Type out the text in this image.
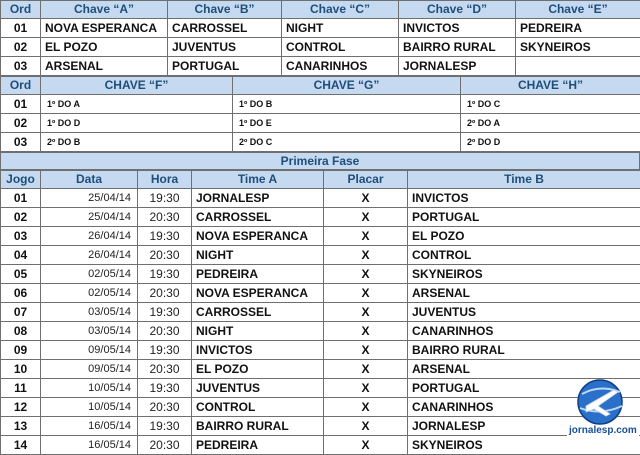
Ord	Chave “A”	Chave “B”	Chave “C”	Chave “D”	Chave “E”
01	NOVA ESPERANCA	CARROSSEL	NIGHT	INVICTOS	PEDREIRA
02	EL POZO	JUVENTUS	CONTROL	BAIRRO RURAL	SKYNEIROS
03	ARSENAL	PORTUGAL	CANARINHOS	JORNALESP	
Ord	CHAVE “F”	CHAVE “G”	CHAVE “H”
01	1º DO A	1º DO B	1º DO C
02	1º DO D	1º DO E	2º DO A
03	2º DO B	2º DO C	2º DO D
Primeira Fase
Jogo	Data	Hora	Time A	Placar	Time B
01	25/04/14	19:30	JORNALESP	X	INVICTOS
02	25/04/14	20:30	CARROSSEL	X	PORTUGAL
03	26/04/14	19:30	NOVA ESPERANCA	X	EL POZO
04	26/04/14	20:30	NIGHT	X	CONTROL
05	02/05/14	19:30	PEDREIRA	X	SKYNEIROS
06	02/05/14	20:30	NOVA ESPERANCA	X	ARSENAL
07	03/05/14	19:30	CARROSSEL	X	JUVENTUS
08	03/05/14	20:30	NIGHT	X	CANARINHOS
09	09/05/14	19:30	INVICTOS	X	BAIRRO RURAL
10	09/05/14	20:30	EL POZO	X	ARSENAL
11	10/05/14	19:30	JUVENTUS	X	PORTUGAL
12	10/05/14	20:30	CONTROL	X	CANARINHOS
13	16/05/14	19:30	BAIRRO RURAL	X	JORNALESP
14	16/05/14	20:30	PEDREIRA	X	SKYNEIROS
jornalesp.com
